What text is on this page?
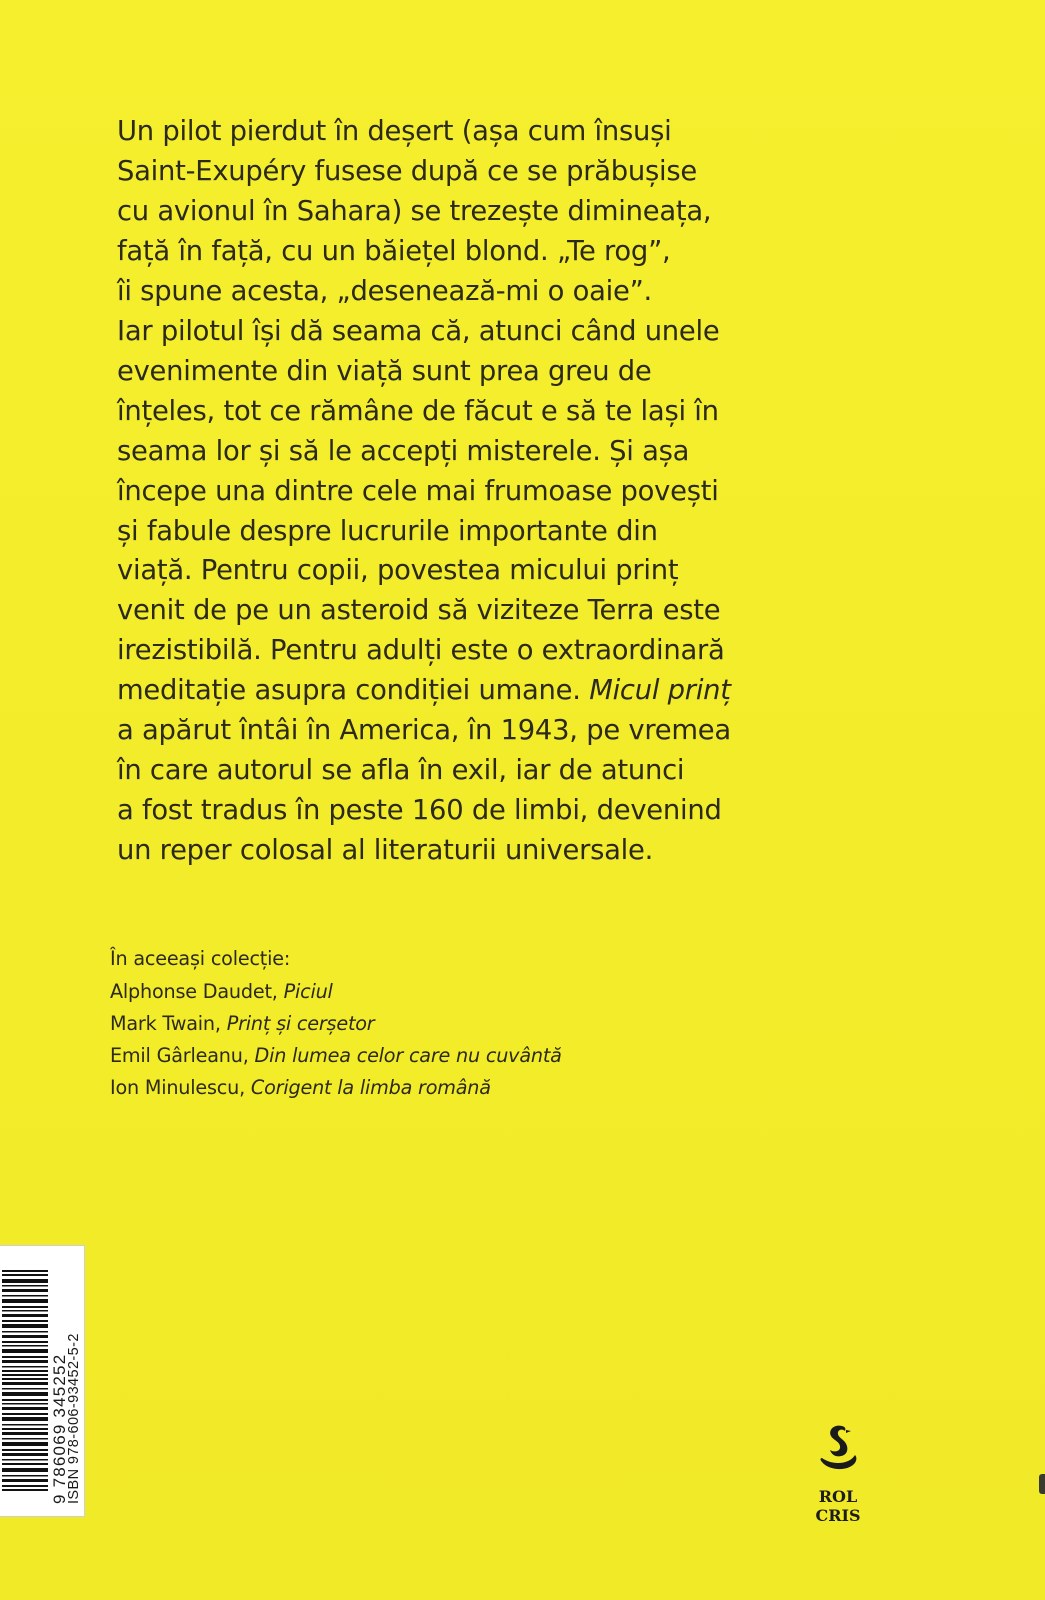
Un pilot pierdut în deșert (așa cum însuși
Saint-Exupéry fusese după ce se prăbușise
cu avionul în Sahara) se trezește dimineața,
față în față, cu un băiețel blond. „Te rog”,
îi spune acesta, „desenează-mi o oaie”.
Iar pilotul își dă seama că, atunci când unele
evenimente din viață sunt prea greu de
înțeles, tot ce rămâne de făcut e să te lași în
seama lor și să le accepți misterele. Și așa
începe una dintre cele mai frumoase povești
și fabule despre lucrurile importante din
viață. Pentru copii, povestea micului prinț
venit de pe un asteroid să viziteze Terra este
irezistibilă. Pentru adulți este o extraordinară
meditație asupra condiției umane. Micul prinț
a apărut întâi în America, în 1943, pe vremea
în care autorul se afla în exil, iar de atunci
a fost tradus în peste 160 de limbi, devenind
un reper colosal al literaturii universale.
În aceeași colecție:
Alphonse Daudet, Piciul
Mark Twain, Prinț și cerșetor
Emil Gârleanu, Din lumea celor care nu cuvântă
Ion Minulescu, Corigent la limba română
9 786069 345252
ISBN 978-606-93452-5-2	ROL
CRIS
